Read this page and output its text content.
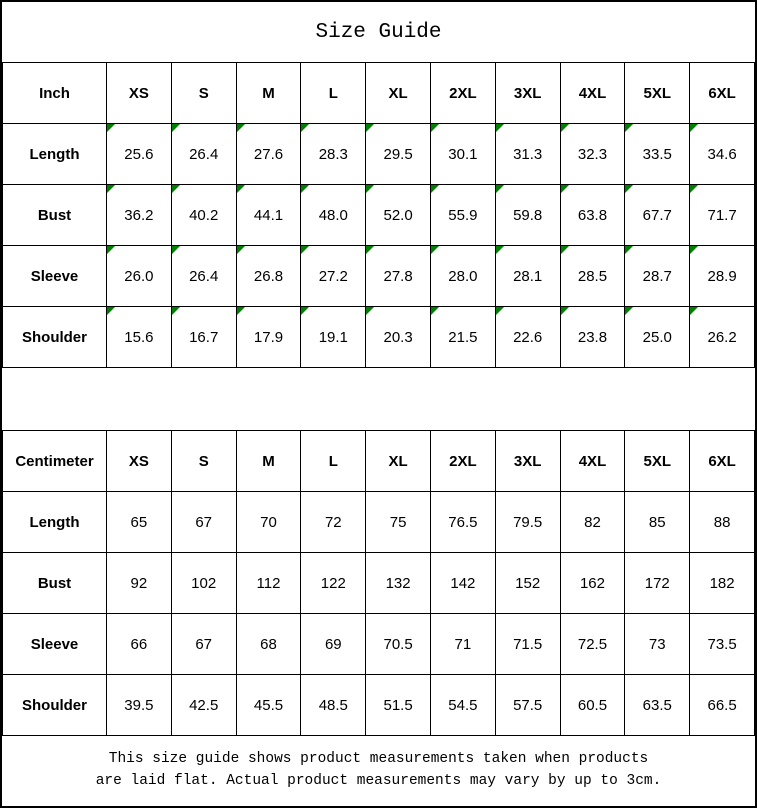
Size Guide
Inch	XS	S	M	L	XL	2XL	3XL	4XL	5XL	6XL
Length	25.6	26.4	27.6	28.3	29.5	30.1	31.3	32.3	33.5	34.6
Bust	36.2	40.2	44.1	48.0	52.0	55.9	59.8	63.8	67.7	71.7
Sleeve	26.0	26.4	26.8	27.2	27.8	28.0	28.1	28.5	28.7	28.9
Shoulder	15.6	16.7	17.9	19.1	20.3	21.5	22.6	23.8	25.0	26.2
Centimeter	XS	S	M	L	XL	2XL	3XL	4XL	5XL	6XL
Length	65	67	70	72	75	76.5	79.5	82	85	88
Bust	92	102	112	122	132	142	152	162	172	182
Sleeve	66	67	68	69	70.5	71	71.5	72.5	73	73.5
Shoulder	39.5	42.5	45.5	48.5	51.5	54.5	57.5	60.5	63.5	66.5
This size guide shows product measurements taken when products
are laid flat. Actual product measurements may vary by up to 3cm.
